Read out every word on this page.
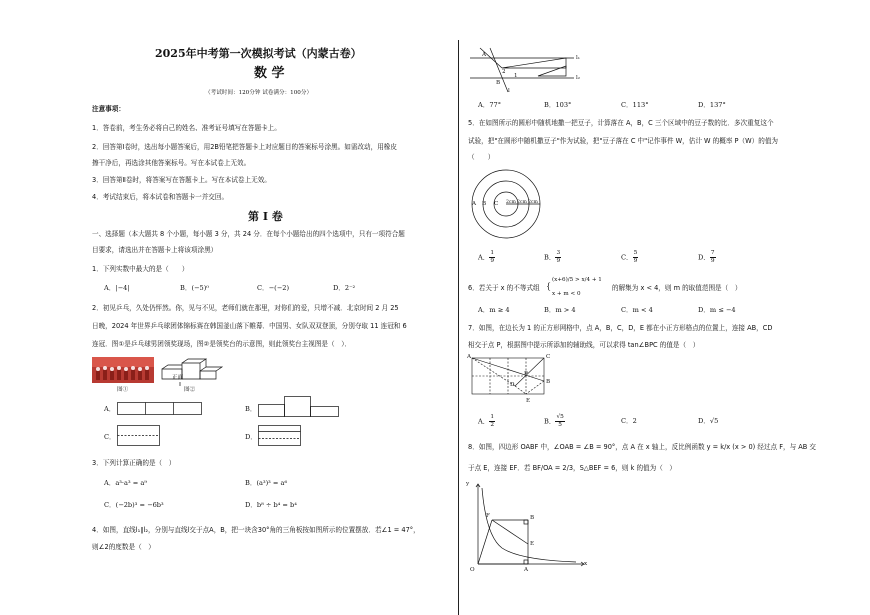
2025年中考第一次模拟考试（内蒙古卷）
数 学
（考试时间：120分钟 试卷满分：100分）
注意事项：
1．答卷前，考生务必将自己的姓名、准考证号填写在答题卡上。
2．回答第Ⅰ卷时，选出每小题答案后，用2B铅笔把答题卡上对应题目的答案标号涂黑。如需改动，用橡皮
擦干净后，再选涂其他答案标号。写在本试卷上无效。
3．回答第Ⅱ卷时，将答案写在答题卡上。写在本试卷上无效。
4．考试结束后，将本试卷和答题卡一并交回。
第 Ⅰ 卷
一、选择题（本大题共 8 个小题，每小题 3 分，共 24 分．在每个小题给出的四个选项中，只有一项符合题
目要求，请选出并在答题卡上将该项涂黑）
1．下列实数中最大的是（　　）
A．|−4|	B．(−5)⁰	C．−(−2)	D．2⁻²
2．初见乒乓，久处仍怦然。你，见与不见，老师们就在那里，对你们的爱，只增不减．北京时间 2 月 25
日晚，2024 年世界乒乓球团体锦标赛在韩国釜山落下帷幕．中国男、女队双双登顶，分别夺取 11 连冠和 6
连冠．图①是乒乓球男团领奖现场，图②是领奖台的示意图，则此领奖台主视图是（　）．
图①
正面
图②
A．	B．
C．	D．
3．下列计算正确的是（　）
A．a³·a³ = a⁹	B．(a³)³ = a⁶
C．(−2b)³ = −6b³	D．b⁸ ÷ b⁴ = b⁴
4．如图，直线l₁∥l₂，分别与直线l交于点A，B，把一块含30°角的三角板按如图所示的位置摆放．若∠1 = 47°，
则∠2的度数是（　）
A
2
B
1
l
l₁
l₂
A．77°	B．103°	C．113°	D．137°
5．在如图所示的圆形中随机地撒一把豆子，计算落在 A，B，C 三个区域中的豆子数的比．多次重复这个
试验，把"在圆形中随机撒豆子"作为试验，把"豆子落在 C 中"记作事件 W，估计 W 的概率 P（W）的值为
（　　）
A B C 2cm 2cm 2cm
A． $\frac{1}{9}$	B． $\frac{3}{9}$	C． $\frac{5}{9}$	D． $\frac{7}{9}$
6．若关于 x 的不等式组 {
(x+6)/5 > x/4 + 1
x + m < 0
的解集为 x < 4，则 m 的取值范围是（　）
A．m ≥ 4	B．m > 4	C．m < 4	D．m ≤ −4
7．如图，在边长为 1 的正方形网格中，点 A，B，C，D，E 都在小正方形格点的位置上，连接 AB，CD
相交于点 P，根据图中提示所添加的辅助线，可以求得 tan∠BPC 的值是（　）
A	C
P
B
D
E
A． $\frac{1}{2}$	B． $\frac{√5}{5}$	C．2	D．√5
8．如图，四边形 OABF 中，∠OAB = ∠B = 90°，点 A 在 x 轴上，反比例函数 y = k/x (x > 0) 经过点 F，与 AB 交
于点 E，连接 EF．若 BF/OA = 2/3，S△BEF = 6，则 k 的值为（　）
y
F	B
E
O	A
x
